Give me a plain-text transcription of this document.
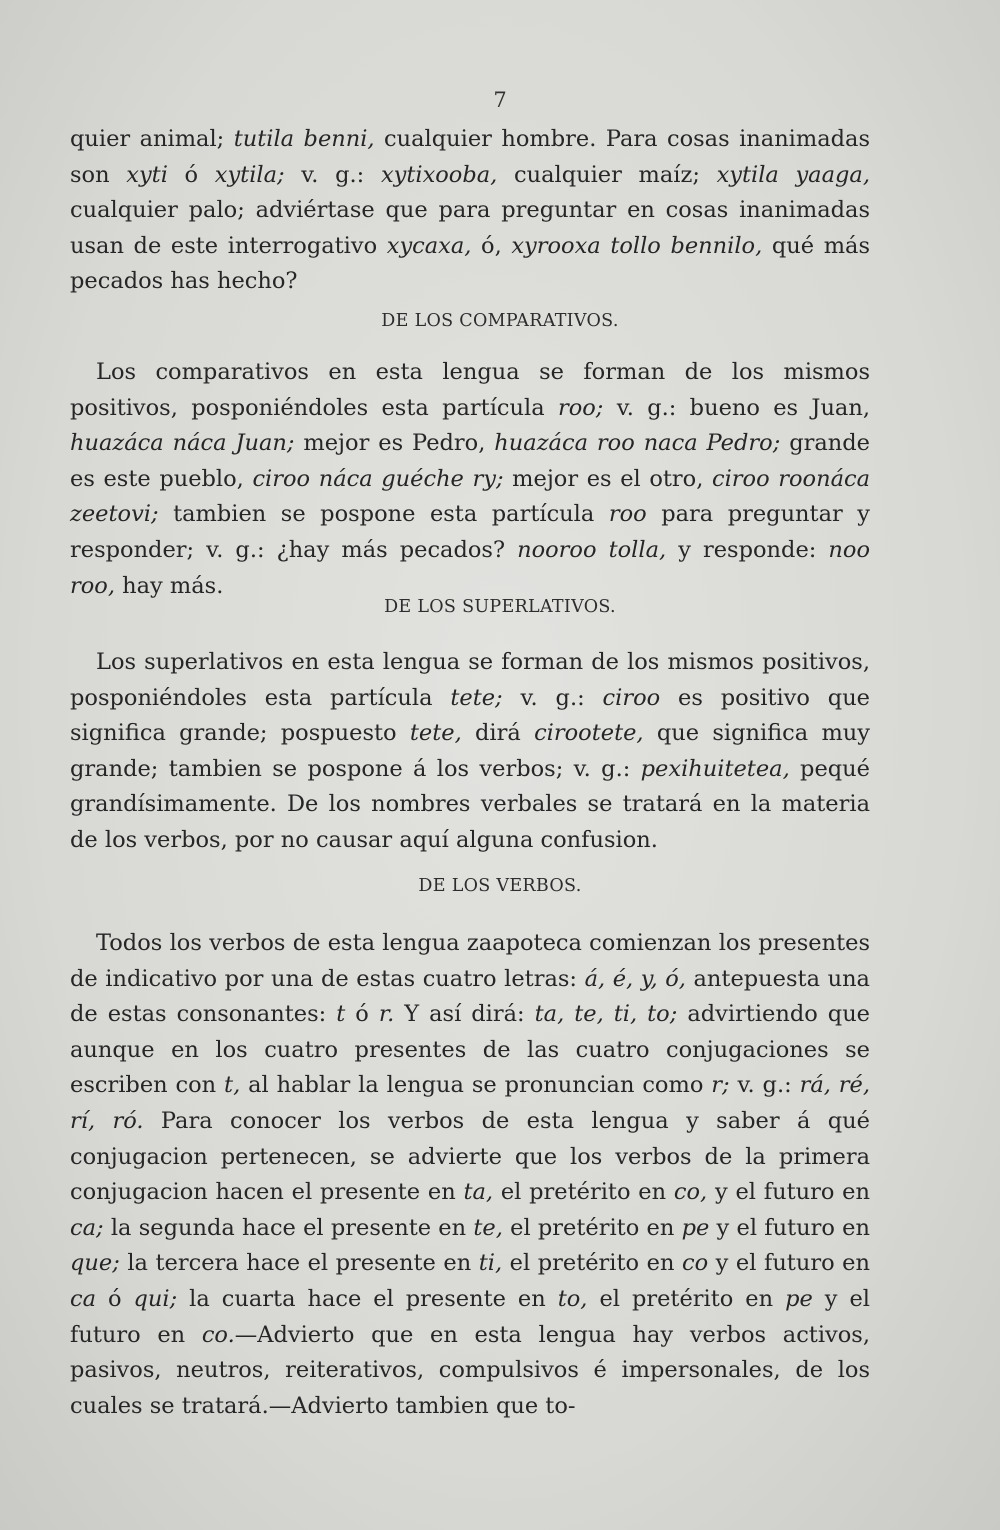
7

quier animal; tutila benni, cualquier hombre. Para cosas inanimadas son xyti ó xytila; v. g.: xytixooba, cualquier maíz; xytila yaaga, cualquier palo; adviértase que para preguntar en cosas inanimadas usan de este interrogativo xycaxa, ó, xyrooxa tollo bennilo, qué más pecados has hecho?

DE LOS COMPARATIVOS.

Los comparativos en esta lengua se forman de los mismos positivos, posponiéndoles esta partícula roo; v. g.: bueno es Juan, huazáca náca Juan; mejor es Pedro, huazáca roo naca Pedro; grande es este pueblo, ciroo náca guéche ry; mejor es el otro, ciroo roonáca zeetovi; tambien se pospone esta partícula roo para preguntar y responder; v. g.: ¿hay más pecados? nooroo tolla, y responde: noo roo, hay más.

DE LOS SUPERLATIVOS.

Los superlativos en esta lengua se forman de los mismos positivos, posponiéndoles esta partícula tete; v. g.: ciroo es positivo que significa grande; pospuesto tete, dirá cirootete, que significa muy grande; tambien se pospone á los verbos; v. g.: pexihuitetea, pequé grandísimamente. De los nombres verbales se tratará en la materia de los verbos, por no causar aquí alguna confusion.

DE LOS VERBOS.

Todos los verbos de esta lengua zaapoteca comienzan los presentes de indicativo por una de estas cuatro letras: á, é, y, ó, antepuesta una de estas consonantes: t ó r. Y así dirá: ta, te, ti, to; advirtiendo que aunque en los cuatro presentes de las cuatro conjugaciones se escriben con t, al hablar la lengua se pronuncian como r; v. g.: rá, ré, rí, ró. Para conocer los verbos de esta lengua y saber á qué conjugacion pertenecen, se advierte que los verbos de la primera conjugacion hacen el presente en ta, el pretérito en co, y el futuro en ca; la segunda hace el presente en te, el pretérito en pe y el futuro en que; la tercera hace el presente en ti, el pretérito en co y el futuro en ca ó qui; la cuarta hace el presente en to, el pretérito en pe y el futuro en co.—Advierto que en esta lengua hay verbos activos, pasivos, neutros, reiterativos, compulsivos é impersonales, de los cuales se tratará.—Advierto tambien que to-
